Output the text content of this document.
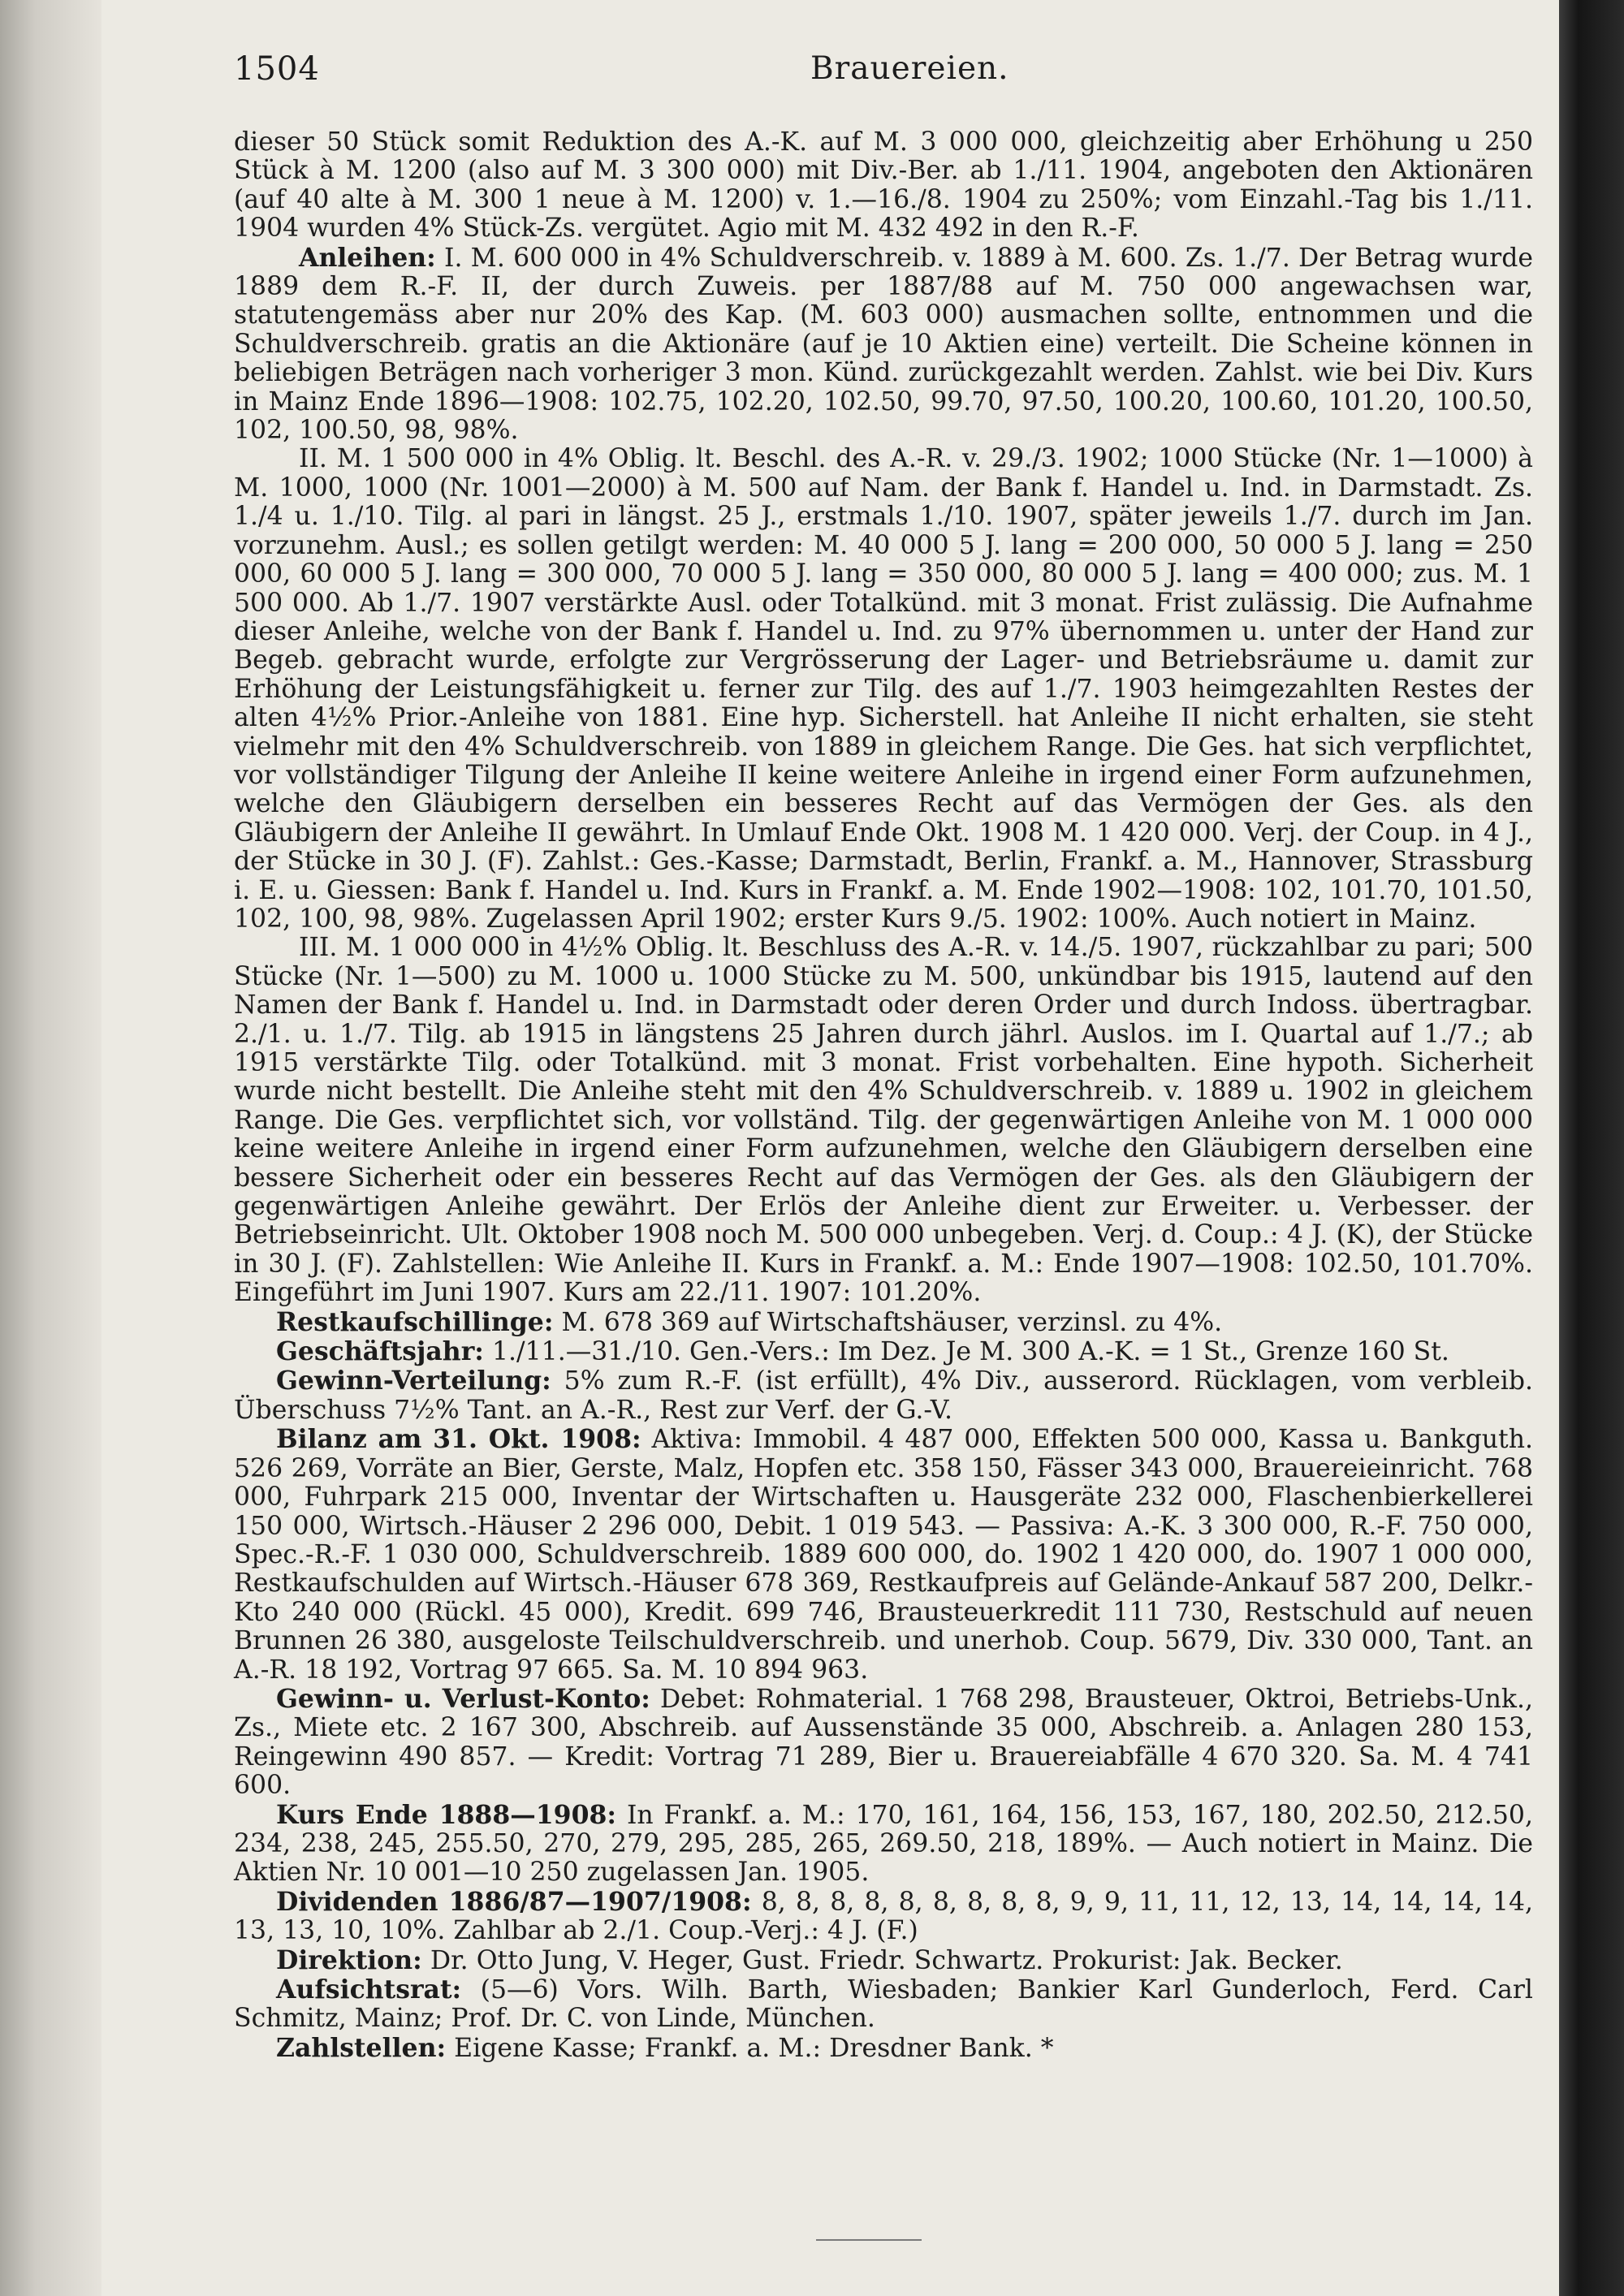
1504	Brauereien.

dieser 50 Stück somit Reduktion des A.-K. auf M. 3 000 000, gleichzeitig aber Erhöhung u 250 Stück à M. 1200 (also auf M. 3 300 000) mit Div.-Ber. ab 1./11. 1904, angeboten den Aktionären (auf 40 alte à M. 300 1 neue à M. 1200) v. 1.—16./8. 1904 zu 250%; vom Einzahl.-Tag bis 1./11. 1904 wurden 4% Stück-Zs. vergütet. Agio mit M. 432 492 in den R.-F.

Anleihen: I. M. 600 000 in 4% Schuldverschreib. v. 1889 à M. 600. Zs. 1./7. Der Betrag wurde 1889 dem R.-F. II, der durch Zuweis. per 1887/88 auf M. 750 000 angewachsen war, statutengemäss aber nur 20% des Kap. (M. 603 000) ausmachen sollte, entnommen und die Schuldverschreib. gratis an die Aktionäre (auf je 10 Aktien eine) verteilt. Die Scheine können in beliebigen Beträgen nach vorheriger 3 mon. Künd. zurückgezahlt werden. Zahlst. wie bei Div. Kurs in Mainz Ende 1896—1908: 102.75, 102.20, 102.50, 99.70, 97.50, 100.20, 100.60, 101.20, 100.50, 102, 100.50, 98, 98%.

II. M. 1 500 000 in 4% Oblig. lt. Beschl. des A.-R. v. 29./3. 1902; 1000 Stücke (Nr. 1—1000) à M. 1000, 1000 (Nr. 1001—2000) à M. 500 auf Nam. der Bank f. Handel u. Ind. in Darmstadt. Zs. 1./4 u. 1./10. Tilg. al pari in längst. 25 J., erstmals 1./10. 1907, später jeweils 1./7. durch im Jan. vorzunehm. Ausl.; es sollen getilgt werden: M. 40 000 5 J. lang = 200 000, 50 000 5 J. lang = 250 000, 60 000 5 J. lang = 300 000, 70 000 5 J. lang = 350 000, 80 000 5 J. lang = 400 000; zus. M. 1 500 000. Ab 1./7. 1907 verstärkte Ausl. oder Totalkünd. mit 3 monat. Frist zulässig. Die Aufnahme dieser Anleihe, welche von der Bank f. Handel u. Ind. zu 97% übernommen u. unter der Hand zur Begeb. gebracht wurde, erfolgte zur Vergrösserung der Lager- und Betriebsräume u. damit zur Erhöhung der Leistungsfähigkeit u. ferner zur Tilg. des auf 1./7. 1903 heimgezahlten Restes der alten 4½% Prior.-Anleihe von 1881. Eine hyp. Sicherstell. hat Anleihe II nicht erhalten, sie steht vielmehr mit den 4% Schuldverschreib. von 1889 in gleichem Range. Die Ges. hat sich verpflichtet, vor vollständiger Tilgung der Anleihe II keine weitere Anleihe in irgend einer Form aufzunehmen, welche den Gläubigern derselben ein besseres Recht auf das Vermögen der Ges. als den Gläubigern der Anleihe II gewährt. In Umlauf Ende Okt. 1908 M. 1 420 000. Verj. der Coup. in 4 J., der Stücke in 30 J. (F). Zahlst.: Ges.-Kasse; Darmstadt, Berlin, Frankf. a. M., Hannover, Strassburg i. E. u. Giessen: Bank f. Handel u. Ind. Kurs in Frankf. a. M. Ende 1902—1908: 102, 101.70, 101.50, 102, 100, 98, 98%. Zugelassen April 1902; erster Kurs 9./5. 1902: 100%. Auch notiert in Mainz.

III. M. 1 000 000 in 4½% Oblig. lt. Beschluss des A.-R. v. 14./5. 1907, rückzahlbar zu pari; 500 Stücke (Nr. 1—500) zu M. 1000 u. 1000 Stücke zu M. 500, unkündbar bis 1915, lautend auf den Namen der Bank f. Handel u. Ind. in Darmstadt oder deren Order und durch Indoss. übertragbar. 2./1. u. 1./7. Tilg. ab 1915 in längstens 25 Jahren durch jährl. Auslos. im I. Quartal auf 1./7.; ab 1915 verstärkte Tilg. oder Totalkünd. mit 3 monat. Frist vorbehalten. Eine hypoth. Sicherheit wurde nicht bestellt. Die Anleihe steht mit den 4% Schuldverschreib. v. 1889 u. 1902 in gleichem Range. Die Ges. verpflichtet sich, vor vollständ. Tilg. der gegenwärtigen Anleihe von M. 1 000 000 keine weitere Anleihe in irgend einer Form aufzunehmen, welche den Gläubigern derselben eine bessere Sicherheit oder ein besseres Recht auf das Vermögen der Ges. als den Gläubigern der gegenwärtigen Anleihe gewährt. Der Erlös der Anleihe dient zur Erweiter. u. Verbesser. der Betriebseinricht. Ult. Oktober 1908 noch M. 500 000 unbegeben. Verj. d. Coup.: 4 J. (K), der Stücke in 30 J. (F). Zahlstellen: Wie Anleihe II. Kurs in Frankf. a. M.: Ende 1907—1908: 102.50, 101.70%. Eingeführt im Juni 1907. Kurs am 22./11. 1907: 101.20%.

Restkaufschillinge: M. 678 369 auf Wirtschaftshäuser, verzinsl. zu 4%.

Geschäftsjahr: 1./11.—31./10. Gen.-Vers.: Im Dez. Je M. 300 A.-K. = 1 St., Grenze 160 St.

Gewinn-Verteilung: 5% zum R.-F. (ist erfüllt), 4% Div., ausserord. Rücklagen, vom verbleib. Überschuss 7½% Tant. an A.-R., Rest zur Verf. der G.-V.

Bilanz am 31. Okt. 1908: Aktiva: Immobil. 4 487 000, Effekten 500 000, Kassa u. Bankguth. 526 269, Vorräte an Bier, Gerste, Malz, Hopfen etc. 358 150, Fässer 343 000, Brauereieinricht. 768 000, Fuhrpark 215 000, Inventar der Wirtschaften u. Hausgeräte 232 000, Flaschenbierkellerei 150 000, Wirtsch.-Häuser 2 296 000, Debit. 1 019 543. — Passiva: A.-K. 3 300 000, R.-F. 750 000, Spec.-R.-F. 1 030 000, Schuldverschreib. 1889 600 000, do. 1902 1 420 000, do. 1907 1 000 000, Restkaufschulden auf Wirtsch.-Häuser 678 369, Restkaufpreis auf Gelände-Ankauf 587 200, Delkr.-Kto 240 000 (Rückl. 45 000), Kredit. 699 746, Brausteuerkredit 111 730, Restschuld auf neuen Brunnen 26 380, ausgeloste Teilschuldverschreib. und unerhob. Coup. 5679, Div. 330 000, Tant. an A.-R. 18 192, Vortrag 97 665. Sa. M. 10 894 963.

Gewinn- u. Verlust-Konto: Debet: Rohmaterial. 1 768 298, Brausteuer, Oktroi, Betriebs-Unk., Zs., Miete etc. 2 167 300, Abschreib. auf Aussenstände 35 000, Abschreib. a. Anlagen 280 153, Reingewinn 490 857. — Kredit: Vortrag 71 289, Bier u. Brauereiabfälle 4 670 320. Sa. M. 4 741 600.

Kurs Ende 1888—1908: In Frankf. a. M.: 170, 161, 164, 156, 153, 167, 180, 202.50, 212.50, 234, 238, 245, 255.50, 270, 279, 295, 285, 265, 269.50, 218, 189%. — Auch notiert in Mainz. Die Aktien Nr. 10 001—10 250 zugelassen Jan. 1905.

Dividenden 1886/87—1907/1908: 8, 8, 8, 8, 8, 8, 8, 8, 8, 9, 9, 11, 11, 12, 13, 14, 14, 14, 14, 13, 13, 10, 10%. Zahlbar ab 2./1. Coup.-Verj.: 4 J. (F.)

Direktion: Dr. Otto Jung, V. Heger, Gust. Friedr. Schwartz. Prokurist: Jak. Becker.

Aufsichtsrat: (5—6) Vors. Wilh. Barth, Wiesbaden; Bankier Karl Gunderloch, Ferd. Carl Schmitz, Mainz; Prof. Dr. C. von Linde, München.

Zahlstellen: Eigene Kasse; Frankf. a. M.: Dresdner Bank. *
